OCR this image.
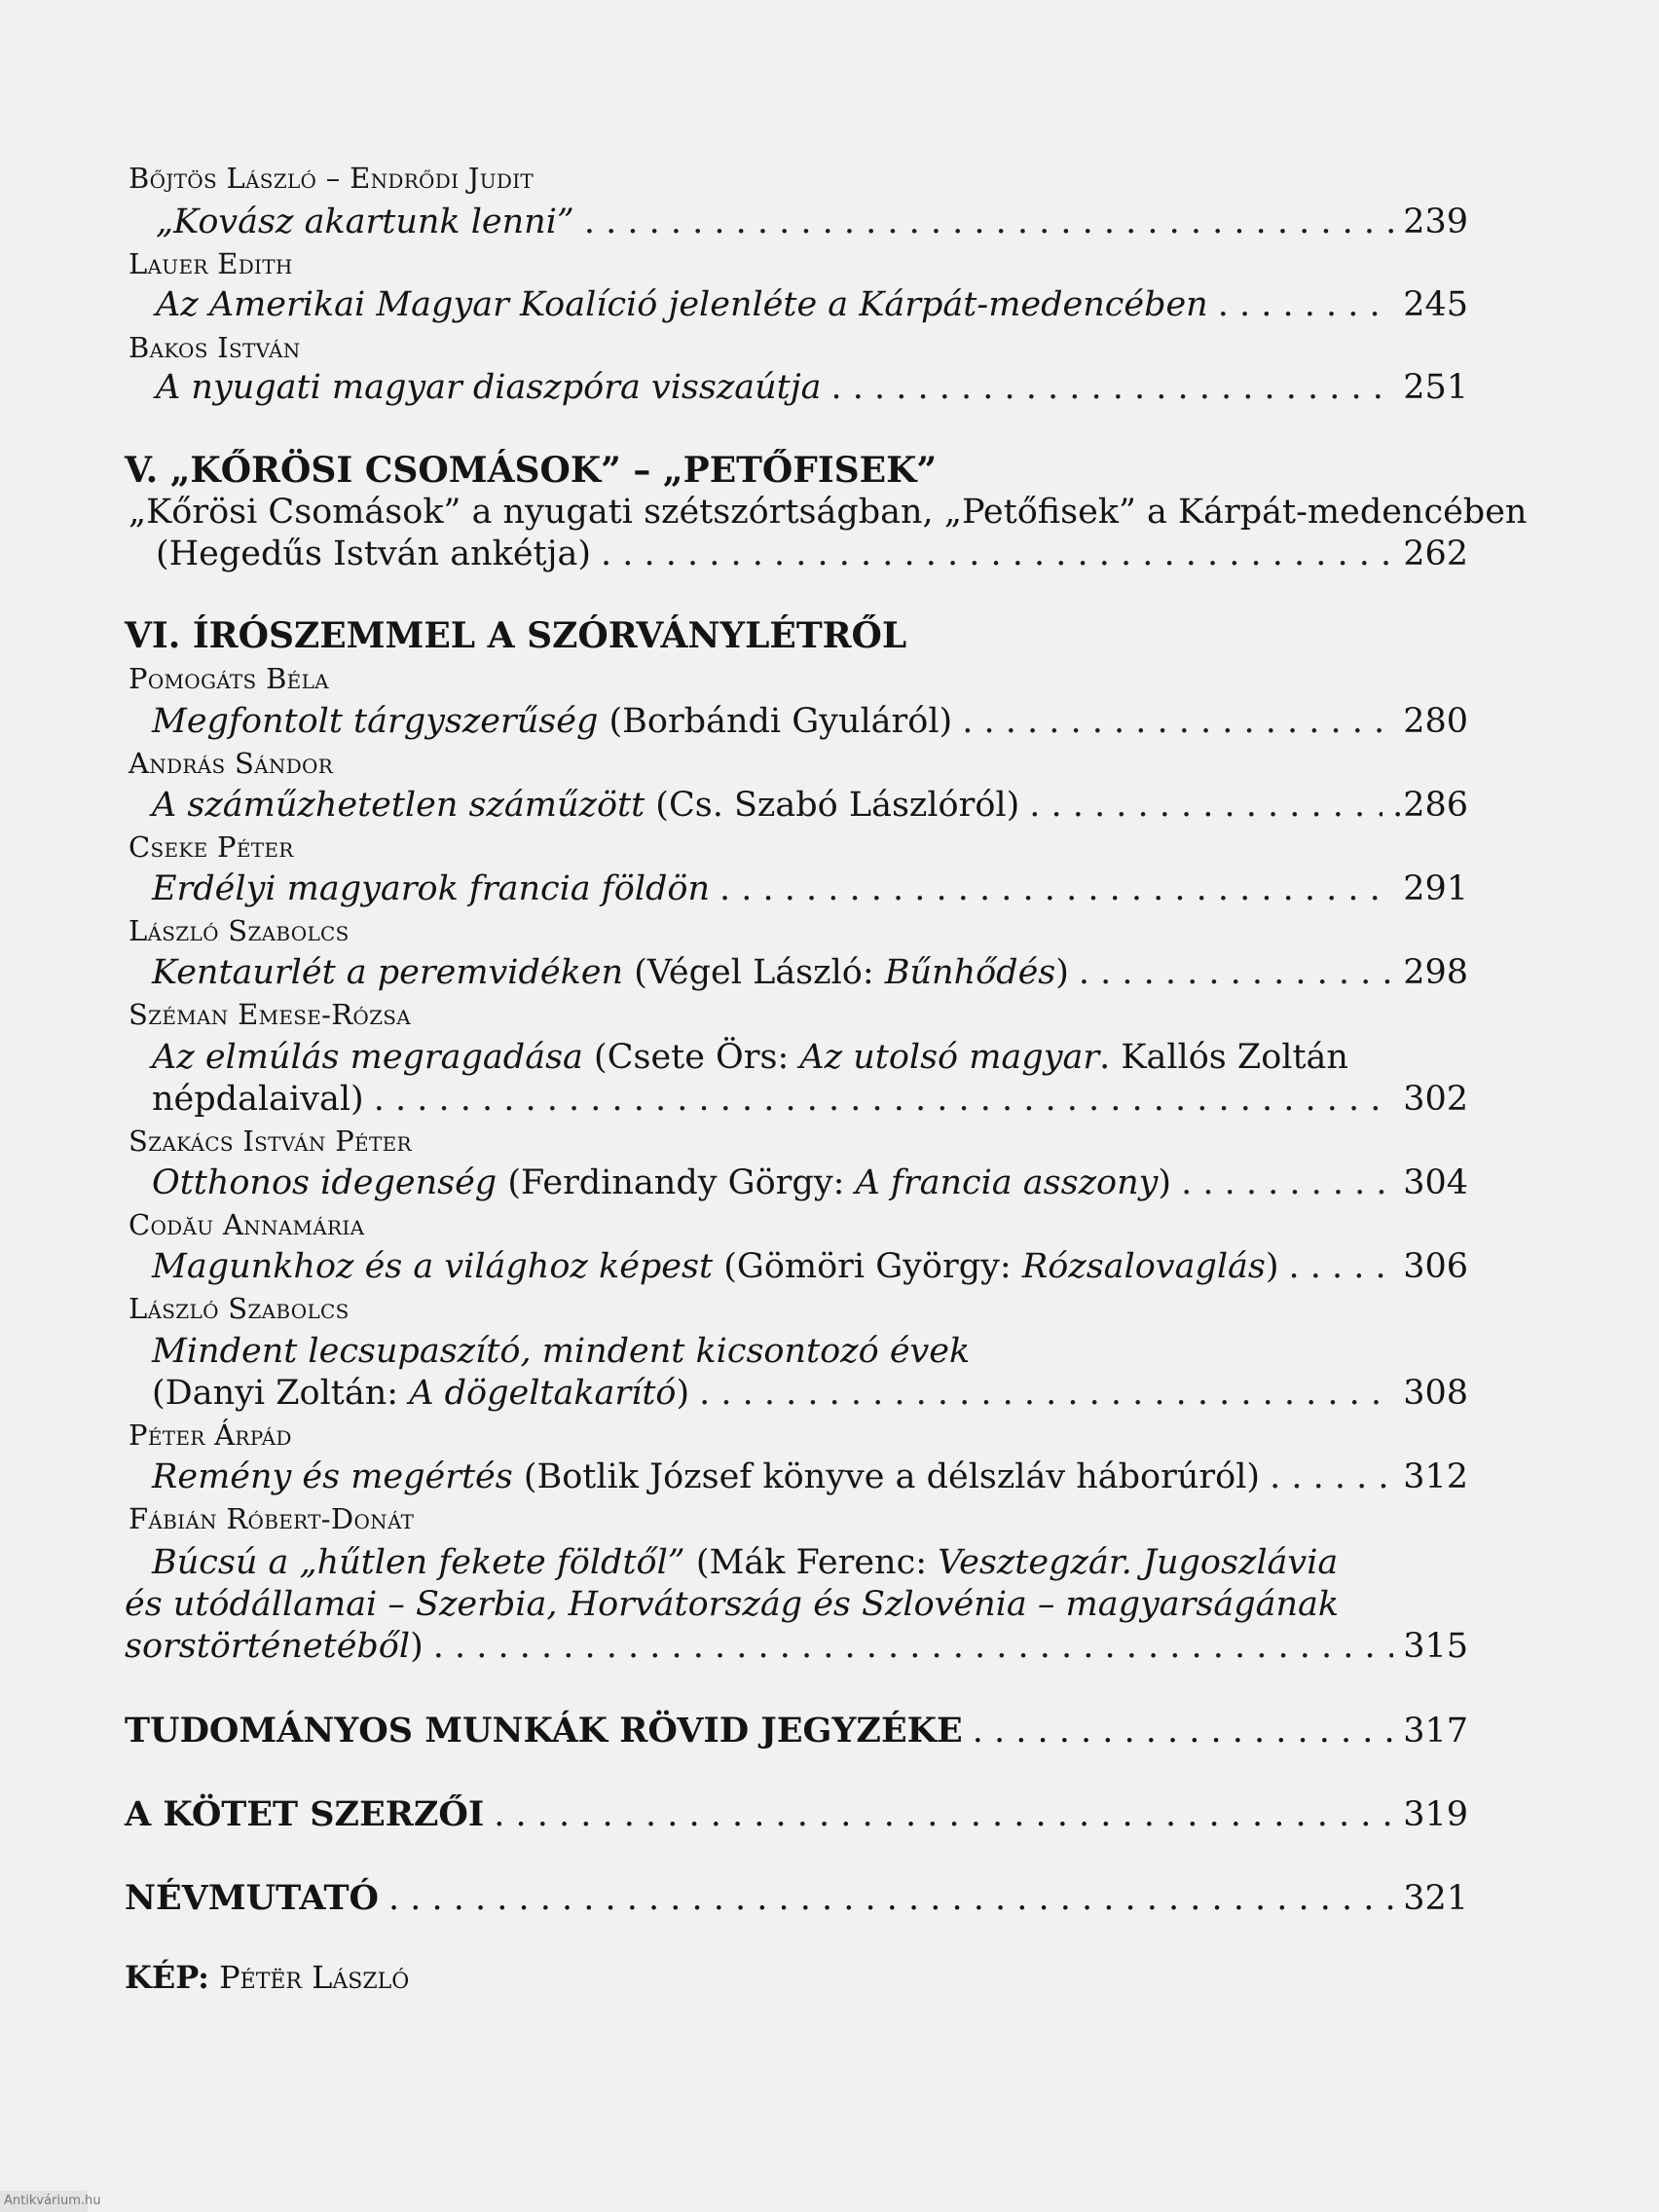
Bőjtös László – Endrődi Judit
„Kovász akartunk lenni” . . .	239
Lauer Edith
Az Amerikai Magyar Koalíció jelenléte a Kárpát-medencében . . .	245
Bakos István
A nyugati magyar diaszpóra visszaútja . . .	251
V. „KŐRÖSI CSOMÁSOK” – „PETŐFISEK”
„Kőrösi Csomások” a nyugati szétszórtságban, „Petőfisek” a Kárpát-medencében
(Hegedűs István ankétja) . . .	262
VI. ÍRÓSZEMMEL A SZÓRVÁNYLÉTRŐL
Pomogáts Béla
Megfontolt tárgyszerűség (Borbándi Gyuláról) . . .	280
András Sándor
A száműzhetetlen száműzött (Cs. Szabó Lászlóról) . . .	.286
Cseke Péter
Erdélyi magyarok francia földön . . .	291
László Szabolcs
Kentaurlét a peremvidéken (Végel László: Bűnhődés) . . .	298
Széman Emese-Rózsa
Az elmúlás megragadása (Csete Örs: Az utolsó magyar. Kallós Zoltán
népdalaival) . . .	302
Szakács István Péter
Otthonos idegenség (Ferdinandy Görgy: A francia asszony) . . .	304
Codău Annamária
Magunkhoz és a világhoz képest (Gömöri György: Rózsalovaglás) . . .	306
László Szabolcs
Mindent lecsupaszító, mindent kicsontozó évek
(Danyi Zoltán: A dögeltakarító) . . .	308
Péter Árpád
Remény és megértés (Botlik József könyve a délszláv háborúról) . . .	312
Fábián Róbert-Donát
Búcsú a „hűtlen fekete földtől” (Mák Ferenc: Vesztegzár. Jugoszlávia
és utódállamai – Szerbia, Horvátország és Szlovénia – magyarságának
sorstörténetéből) . . .	315
TUDOMÁNYOS MUNKÁK RÖVID JEGYZÉKE . . .	317
A KÖTET SZERZŐI . . .	319
NÉVMUTATÓ . . .	321
KÉP: Pétër László
Antikvárium.hu
